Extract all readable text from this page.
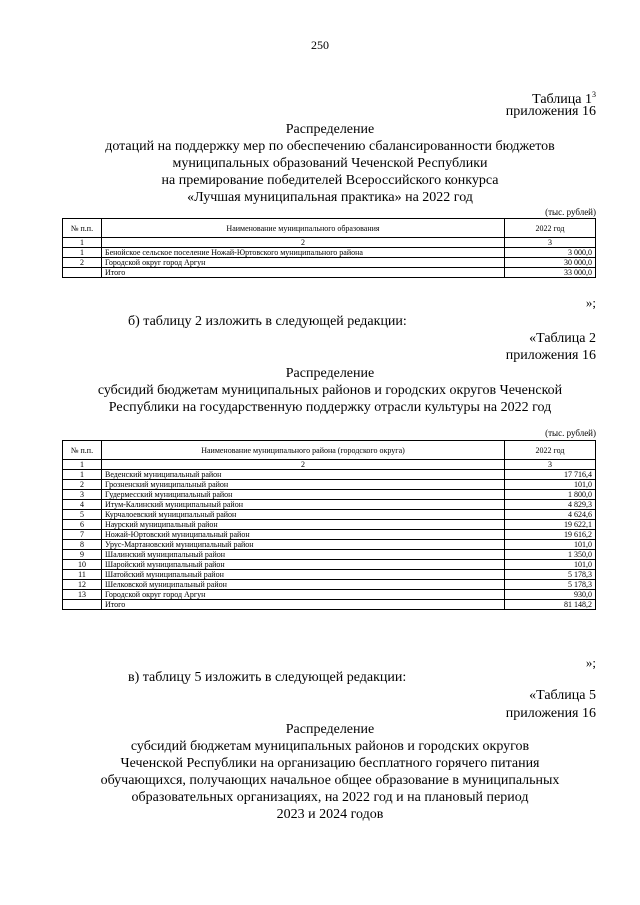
250
Таблица $1^3$
приложения 16
Распределение
дотаций на поддержку мер по обеспечению сбалансированности бюджетов
муниципальных образований Чеченской Республики
на премирование победителей Всероссийского конкурса
«Лучшая муниципальная практика» на 2022 год
(тыс. рублей)
№ п.п.	Наименование муниципального образования	2022 год
1	2	3
1	Бенойское сельское поселение Ножай-Юртовского муниципального района	3 000,0
2	Городской округ город Аргун	30 000,0
	Итого	33 000,0
»;
б) таблицу 2 изложить в следующей редакции:
«Таблица 2
приложения 16
Распределение
субсидий бюджетам муниципальных районов и городских округов Чеченской
Республики на государственную поддержку отрасли культуры на 2022 год
(тыс. рублей)
№ п.п.	Наименование муниципального района (городского округа)	2022 год
1	2	3
1	Веденский муниципальный район	17 716,4
2	Грозненский муниципальный район	101,0
3	Гудермесский муниципальный район	1 800,0
4	Итум-Калинский муниципальный район	4 829,3
5	Курчалоевский муниципальный район	4 624,6
6	Наурский муниципальный район	19 622,1
7	Ножай-Юртовский муниципальный район	19 616,2
8	Урус-Мартановский муниципальный район	101,0
9	Шалинский муниципальный район	1 350,0
10	Шаройский муниципальный район	101,0
11	Шатойский муниципальный район	5 178,3
12	Шелковской муниципальный район	5 178,3
13	Городской округ город Аргун	930,0
	Итого	81 148,2
»;
в) таблицу 5 изложить в следующей редакции:
«Таблица 5
приложения 16
Распределение
субсидий бюджетам муниципальных районов и городских округов
Чеченской Республики на организацию бесплатного горячего питания
обучающихся, получающих начальное общее образование в муниципальных
образовательных организациях, на 2022 год и на плановый период
2023 и 2024 годов
